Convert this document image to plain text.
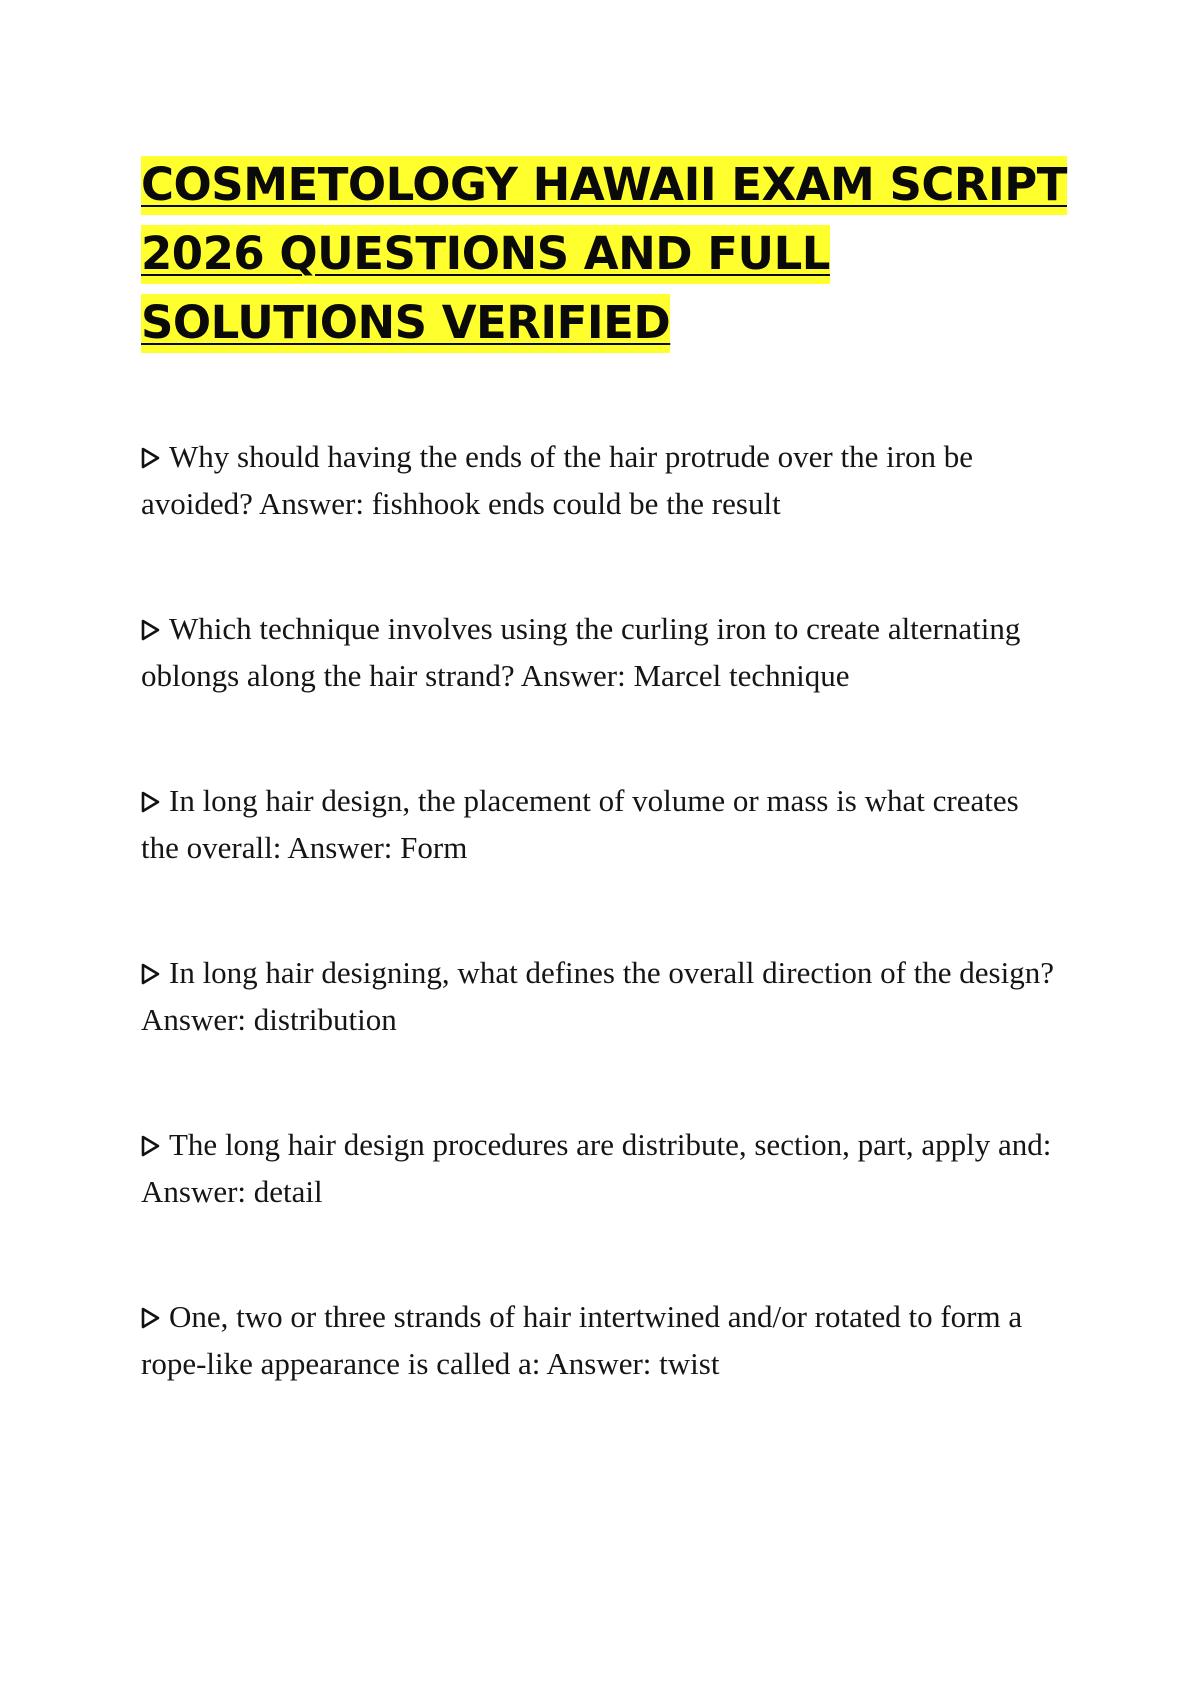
COSMETOLOGY HAWAII EXAM SCRIPT 2026 QUESTIONS AND FULL SOLUTIONS VERIFIED

Why should having the ends of the hair protrude over the iron be avoided? Answer: fishhook ends could be the result

Which technique involves using the curling iron to create alternating oblongs along the hair strand? Answer: Marcel technique

In long hair design, the placement of volume or mass is what creates the overall: Answer: Form

In long hair designing, what defines the overall direction of the design? Answer: distribution

The long hair design procedures are distribute, section, part, apply and: Answer: detail

One, two or three strands of hair intertwined and/or rotated to form a rope-like appearance is called a: Answer: twist
